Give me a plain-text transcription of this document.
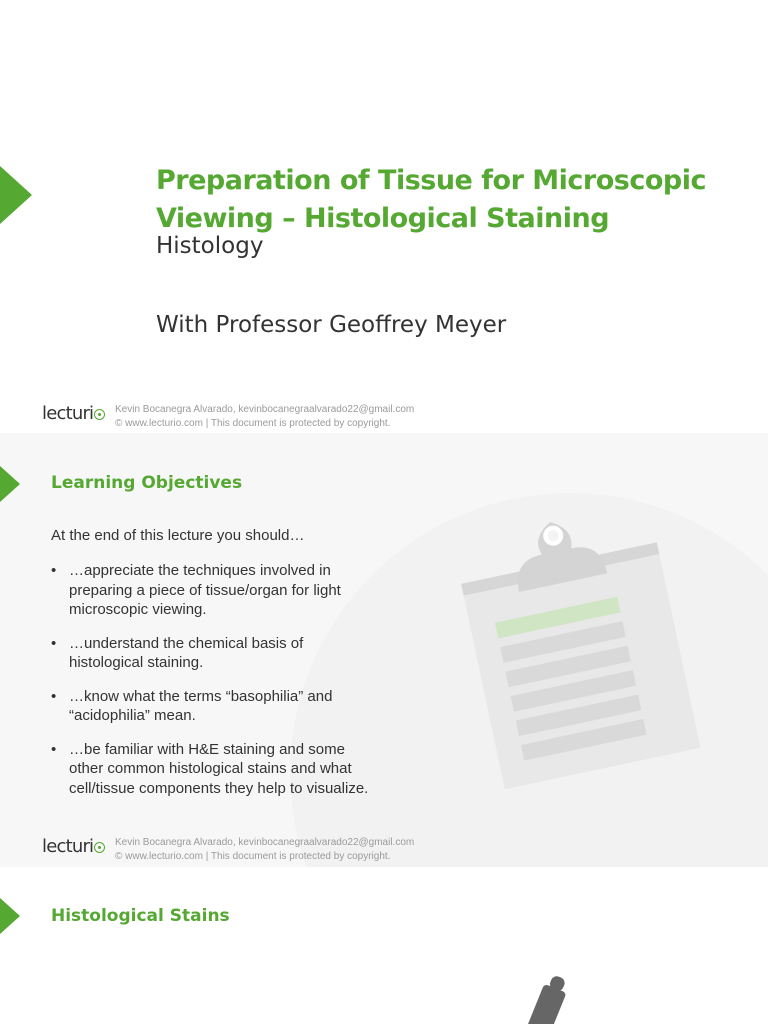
Preparation of Tissue for Microscopic Viewing – Histological Staining

Histology

With Professor Geoffrey Meyer

lecturi	Kevin Bocanegra Alvarado, kevinbocanegraalvarado22@gmail.com
© www.lecturio.com | This document is protected by copyright.
Learning Objectives

At the end of this lecture you should…

• …appreciate the techniques involved in preparing a piece of tissue/organ for light microscopic viewing.
• …understand the chemical basis of histological staining.
• …know what the terms “basophilia” and “acidophilia” mean.
• …be familiar with H&E staining and some other common histological stains and what cell/tissue components they help to visualize.
lecturi	Kevin Bocanegra Alvarado, kevinbocanegraalvarado22@gmail.com
© www.lecturio.com | This document is protected by copyright.
Histological Stains
